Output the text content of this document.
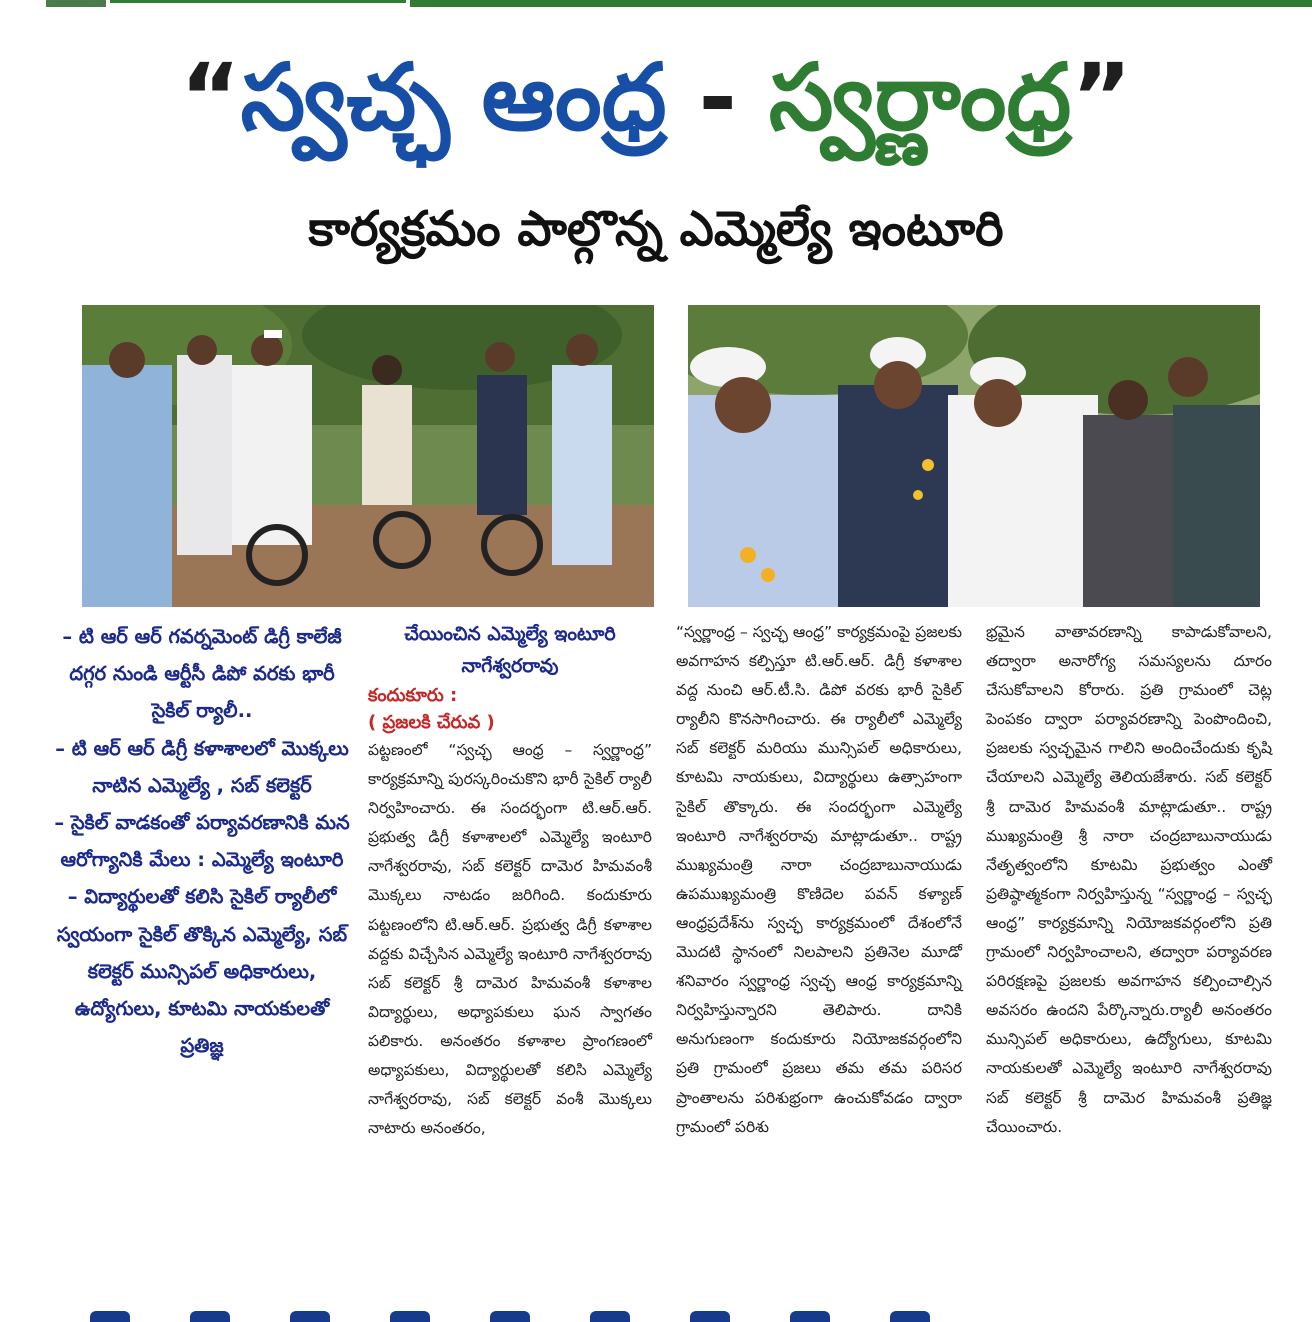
“స్వచ్ఛ ఆంధ్ర - స్వర్ణాంధ్ర”
కార్యక్రమం పాల్గొన్న ఎమ్మెల్యే ఇంటూరి

– టి ఆర్ ఆర్ గవర్నమెంట్ డిగ్రీ కాలేజీ దగ్గర నుండి ఆర్టీసీ డిపో వరకు భారీ సైకిల్ ర్యాలీ..

– టి ఆర్ ఆర్ డిగ్రీ కళాశాలలో మొక్కలు నాటిన ఎమ్మెల్యే , సబ్ కలెక్టర్

– సైకిల్ వాడకంతో పర్యావరణానికి మన ఆరోగ్యానికి మేలు : ఎమ్మెల్యే ఇంటూరి

– విద్యార్థులతో కలిసి సైకిల్ ర్యాలీలో స్వయంగా సైకిల్ తొక్కిన ఎమ్మెల్యే, సబ్ కలెక్టర్ మున్సిపల్ అధికారులు, ఉద్యోగులు, కూటమి నాయకులతో ప్రతిజ్ఞ

చేయించిన ఎమ్మెల్యే ఇంటూరి నాగేశ్వరరావు

కందుకూరు :

( ప్రజలకి చేరువ )

పట్టణంలో “స్వచ్ఛ ఆంధ్ర – స్వర్ణాంధ్ర” కార్యక్రమాన్ని పురస్కరించుకొని భారీ సైకిల్ ర్యాలీ నిర్వహించారు. ఈ సందర్భంగా టి.ఆర్.ఆర్. ప్రభుత్వ డిగ్రీ కళాశాలలో ఎమ్మెల్యే ఇంటూరి నాగేశ్వరరావు, సబ్ కలెక్టర్ దామెర హిమవంశీ మొక్కలు నాటడం జరిగింది. కందుకూరు పట్టణంలోని టి.ఆర్.ఆర్. ప్రభుత్వ డిగ్రీ కళాశాల వద్దకు విచ్చేసిన ఎమ్మెల్యే ఇంటూరి నాగేశ్వరరావు సబ్ కలెక్టర్ శ్రీ దామెర హిమవంశీ కళాశాల విద్యార్థులు, అధ్యాపకులు ఘన స్వాగతం పలికారు. అనంతరం కళాశాల ప్రాంగణంలో అధ్యాపకులు, విద్యార్థులతో కలిసి ఎమ్మెల్యే నాగేశ్వరరావు, సబ్ కలెక్టర్ వంశీ మొక్కలు నాటారు అనంతరం,

“స్వర్ణాంధ్ర – స్వచ్ఛ ఆంధ్ర” కార్యక్రమంపై ప్రజలకు అవగాహన కల్పిస్తూ టి.ఆర్.ఆర్. డిగ్రీ కళాశాల వద్ద నుంచి ఆర్.టీ.సి. డిపో వరకు భారీ సైకిల్ ర్యాలీని కొనసాగించారు. ఈ ర్యాలీలో ఎమ్మెల్యే సబ్ కలెక్టర్ మరియు మున్సిపల్ అధికారులు, కూటమి నాయకులు, విద్యార్థులు ఉత్సాహంగా సైకిల్ తొక్కారు. ఈ సందర్భంగా ఎమ్మెల్యే ఇంటూరి నాగేశ్వరరావు మాట్లాడుతూ.. రాష్ట్ర ముఖ్యమంత్రి నారా చంద్రబాబునాయుడు ఉపముఖ్యమంత్రి కొణిదెల పవన్ కళ్యాణ్ ఆంధ్రప్రదేశ్‌ను స్వచ్ఛ కార్యక్రమంలో దేశంలోనే మొదటి స్థానంలో నిలపాలని ప్రతినెల మూడో శనివారం స్వర్ణాంధ్ర స్వచ్ఛ ఆంధ్ర కార్యక్రమాన్ని నిర్వహిస్తున్నారని తెలిపారు. దానికి అనుగుణంగా కందుకూరు నియోజకవర్గంలోని ప్రతి గ్రామంలో ప్రజలు తమ తమ పరిసర ప్రాంతాలను పరిశుభ్రంగా ఉంచుకోవడం ద్వారా గ్రామంలో పరిశు

భ్రమైన వాతావరణాన్ని కాపాడుకోవాలని, తద్వారా అనారోగ్య సమస్యలను దూరం చేసుకోవాలని కోరారు. ప్రతి గ్రామంలో చెట్ల పెంపకం ద్వారా పర్యావరణాన్ని పెంపొందించి, ప్రజలకు స్వచ్ఛమైన గాలిని అందించేందుకు కృషి చేయాలని ఎమ్మెల్యే తెలియజేశారు. సబ్ కలెక్టర్ శ్రీ దామెర హిమవంశీ మాట్లాడుతూ.. రాష్ట్ర ముఖ్యమంత్రి శ్రీ నారా చంద్రబాబునాయుడు నేతృత్వంలోని కూటమి ప్రభుత్వం ఎంతో ప్రతిష్ఠాత్మకంగా నిర్వహిస్తున్న “స్వర్ణాంధ్ర – స్వచ్ఛ ఆంధ్ర” కార్యక్రమాన్ని నియోజకవర్గంలోని ప్రతి గ్రామంలో నిర్వహించాలని, తద్వారా పర్యావరణ పరిరక్షణపై ప్రజలకు అవగాహన కల్పించాల్సిన అవసరం ఉందని పేర్కొన్నారు.ర్యాలీ అనంతరం మున్సిపల్ అధికారులు, ఉద్యోగులు, కూటమి నాయకులతో ఎమ్మెల్యే ఇంటూరి నాగేశ్వరరావు సబ్ కలెక్టర్ శ్రీ దామెర హిమవంశీ ప్రతిజ్ఞ చేయించారు.
